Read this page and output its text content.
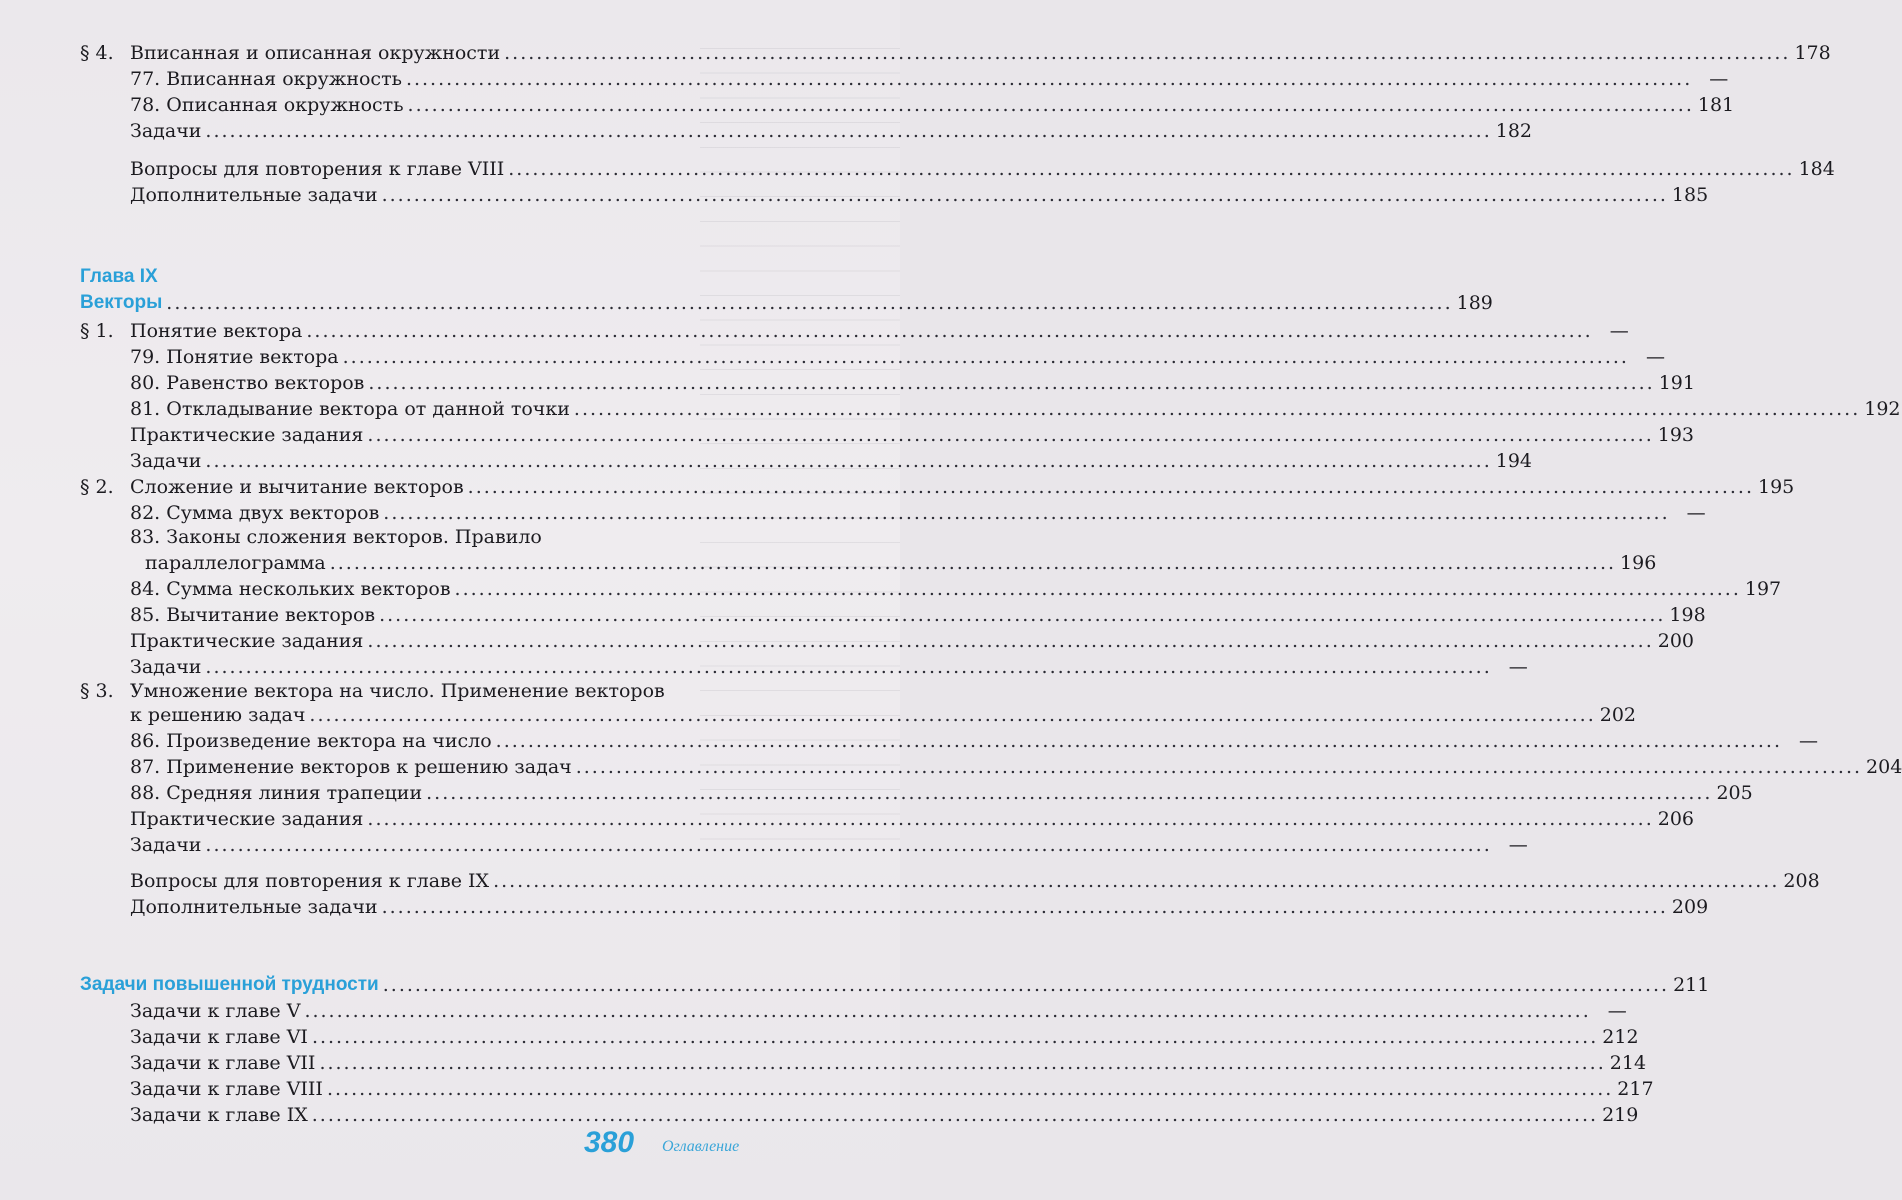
§ 4. Вписанная и описанная окружности ................................................................................................................................................................ 178
77. Вписанная окружность ................................................................................................................................................................ —
78. Описанная окружность ................................................................................................................................................................ 181
Задачи ................................................................................................................................................................ 182
Вопросы для повторения к главе VIII ................................................................................................................................................................ 184
Дополнительные задачи ................................................................................................................................................................ 185
Глава IX
Векторы ................................................................................................................................................................ 189
§ 1. Понятие вектора ................................................................................................................................................................ —
79. Понятие вектора ................................................................................................................................................................ —
80. Равенство векторов ................................................................................................................................................................ 191
81. Откладывание вектора от данной точки ................................................................................................................................................................ 192
Практические задания ................................................................................................................................................................ 193
Задачи ................................................................................................................................................................ 194
§ 2. Сложение и вычитание векторов ................................................................................................................................................................ 195
82. Сумма двух векторов ................................................................................................................................................................ —
83. Законы сложения векторов. Правило
параллелограмма ................................................................................................................................................................ 196
84. Сумма нескольких векторов ................................................................................................................................................................ 197
85. Вычитание векторов ................................................................................................................................................................ 198
Практические задания ................................................................................................................................................................ 200
Задачи ................................................................................................................................................................ —
§ 3. Умножение вектора на число. Применение векторов
к решению задач ................................................................................................................................................................ 202
86. Произведение вектора на число ................................................................................................................................................................ —
87. Применение векторов к решению задач ................................................................................................................................................................ 204
88. Средняя линия трапеции ................................................................................................................................................................ 205
Практические задания ................................................................................................................................................................ 206
Задачи ................................................................................................................................................................ —
Вопросы для повторения к главе IX ................................................................................................................................................................ 208
Дополнительные задачи ................................................................................................................................................................ 209
Задачи повышенной трудности ................................................................................................................................................................ 211
Задачи к главе V ................................................................................................................................................................ —
Задачи к главе VI ................................................................................................................................................................ 212
Задачи к главе VII ................................................................................................................................................................ 214
Задачи к главе VIII ................................................................................................................................................................ 217
Задачи к главе IX ................................................................................................................................................................ 219
380 Оглавление
